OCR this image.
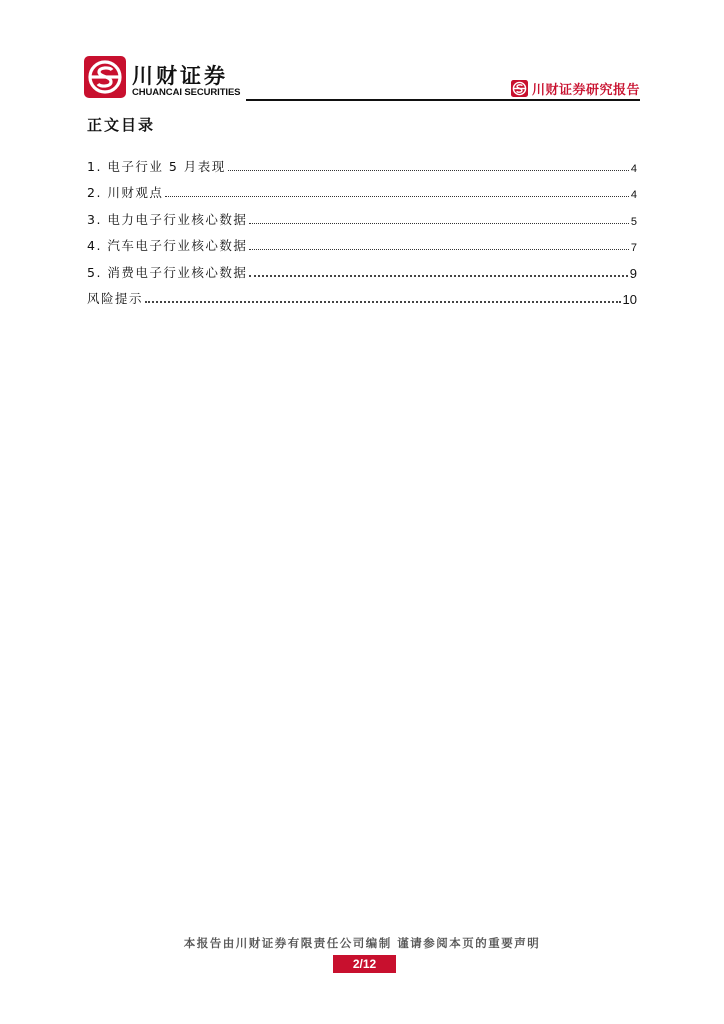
川财证券
CHUANCAI SECURITIES	川财证券研究报告
正文目录
1. 电子行业 5 月表现	4
2. 川财观点	4
3. 电力电子行业核心数据	5
4. 汽车电子行业核心数据	7
5. 消费电子行业核心数据	9
风险提示	10
本报告由川财证券有限责任公司编制 谨请参阅本页的重要声明
2/12
